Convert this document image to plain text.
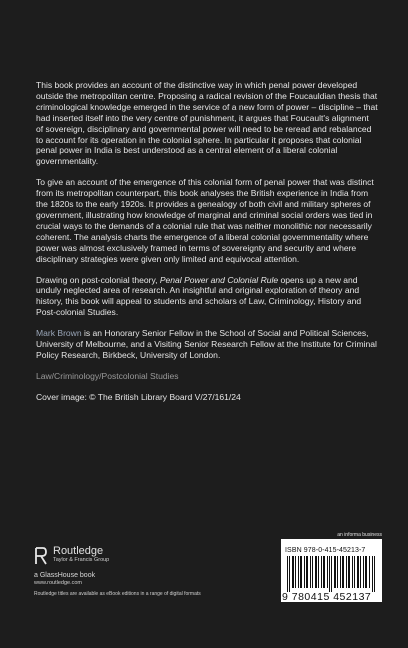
This book provides an account of the distinctive way in which penal power developed outside the metropolitan centre. Proposing a radical revision of the Foucauldian thesis that criminological knowledge emerged in the service of a new form of power – discipline – that had inserted itself into the very centre of punishment, it argues that Foucault's alignment of sovereign, disciplinary and governmental power will need to be reread and rebalanced to account for its operation in the colonial sphere. In particular it proposes that colonial penal power in India is best understood as a central element of a liberal colonial governmentality.

To give an account of the emergence of this colonial form of penal power that was distinct from its metropolitan counterpart, this book analyses the British experience in India from the 1820s to the early 1920s. It provides a genealogy of both civil and military spheres of government, illustrating how knowledge of marginal and criminal social orders was tied in crucial ways to the demands of a colonial rule that was neither monolithic nor necessarily coherent. The analysis charts the emergence of a liberal colonial governmentality where power was almost exclusively framed in terms of sovereignty and security and where disciplinary strategies were given only limited and equivocal attention.

Drawing on post-colonial theory, Penal Power and Colonial Rule opens up a new and unduly neglected area of research. An insightful and original exploration of theory and history, this book will appeal to students and scholars of Law, Criminology, History and Post-colonial Studies.

Mark Brown is an Honorary Senior Fellow in the School of Social and Political Sciences, University of Melbourne, and a Visiting Senior Research Fellow at the Institute for Criminal Policy Research, Birkbeck, University of London.

Law/Criminology/Postcolonial Studies

Cover image: © The British Library Board V/27/161/24

Routledge
Taylor & Francis Group
a GlassHouse book
www.routledge.com
Routledge titles are available as eBook editions in a range of digital formats
an informa business
ISBN 978-0-415-45213-7
9 780415 452137
